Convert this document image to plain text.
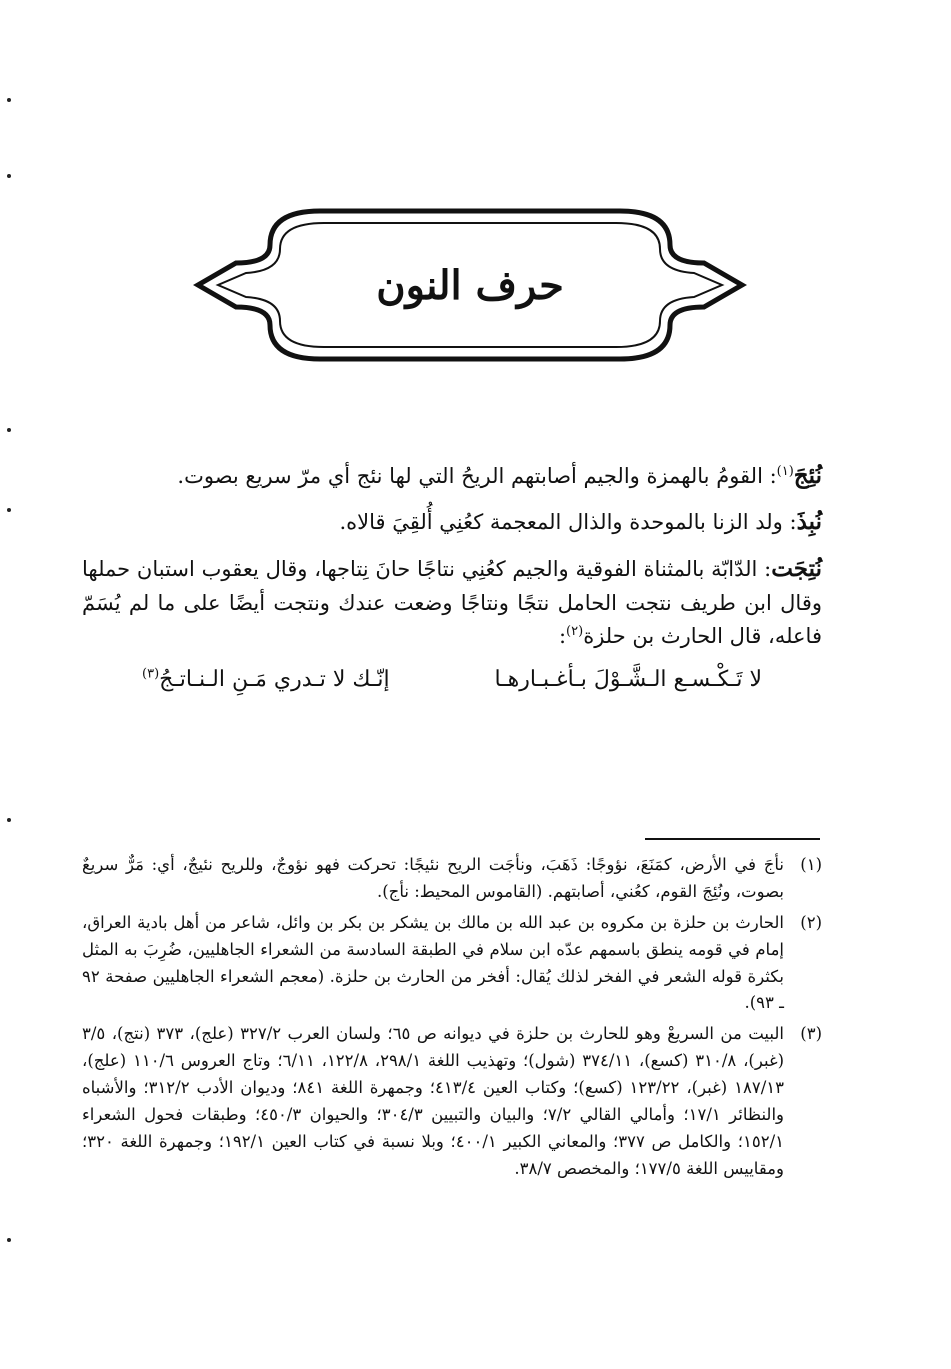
حرف النون

نُئِجَ$^{(١)}$: القومُ بالهمزة والجيم أصابتهم الريحُ التي لها نئج أي مرّ سريع بصوت.

نُبِذَ: ولد الزنا بالموحدة والذال المعجمة كعُنِي أُلقِيَ قالاه.

نُتِجَت: الدّابّة بالمثناة الفوقية والجيم كعُنِي نتاجًا حانَ نِتاجها، وقال يعقوب استبان حملها وقال ابن طريف نتجت الحامل نتجًا ونتاجًا وضعت عندك ونتجت أيضًا على ما لم يُسَمّ فاعله، قال الحارث بن حلزة$^{(٢)}$:

لا تَـكْـسـع الـشَّـوْلَ بـأغـبـارهـا
إنّـك لا تـدري مَـنِ الـنـاتـجُ$^{(٣)}$
(١)
نأجَ في الأرض، كمَنَعَ، نؤوجًا: ذَهَبَ، ونأجَت الريح نئيجًا: تحركت فهو نؤوجٌ، وللريح نئيجٌ، أي: مَرٌّ سريعٌ بصوت، ونُئِجَ القوم، كعُني، أصابتهم. (القاموس المحيط: نأج).
(٢)
الحارث بن حلزة بن مكروه بن عبد الله بن مالك بن يشكر بن بكر بن وائل، شاعر من أهل بادية العراق، إمام في قومه ينطق باسمهم عدّه ابن سلام في الطبقة السادسة من الشعراء الجاهليين، ضُرِبَ به المثل بكثرة قوله الشعر في الفخر لذلك يُقال: أفخر من الحارث بن حلزة. (معجم الشعراء الجاهليين صفحة ٩٢ ـ ٩٣).
(٣)
البيت من السريعْ وهو للحارث بن حلزة في ديوانه ص ٦٥؛ ولسان العرب ٣٢٧/٢ (علج)، ٣٧٣ (نتج)، ٣/٥ (غبر)، ٣١٠/٨ (كسع)، ٣٧٤/١١ (شول)؛ وتهذيب اللغة ٢٩٨/١، ١٢٢/٨، ٦/١١؛ وتاج العروس ١١٠/٦ (علج)، ١٨٧/١٣ (غبر)، ١٢٣/٢٢ (كسع)؛ وكتاب العين ٤١٣/٤؛ وجمهرة اللغة ٨٤١؛ وديوان الأدب ٣١٢/٢؛ والأشباه والنظائر ١٧/١؛ وأمالي القالي ٧/٢؛ والبيان والتبيين ٣٠٤/٣؛ والحيوان ٤٥٠/٣؛ وطبقات فحول الشعراء ١٥٢/١؛ والكامل ص ٣٧٧؛ والمعاني الكبير ٤٠٠/١؛ وبلا نسبة في كتاب العين ١٩٢/١؛ وجمهرة اللغة ٣٢٠؛ ومقاييس اللغة ١٧٧/٥؛ والمخصص ٣٨/٧.
